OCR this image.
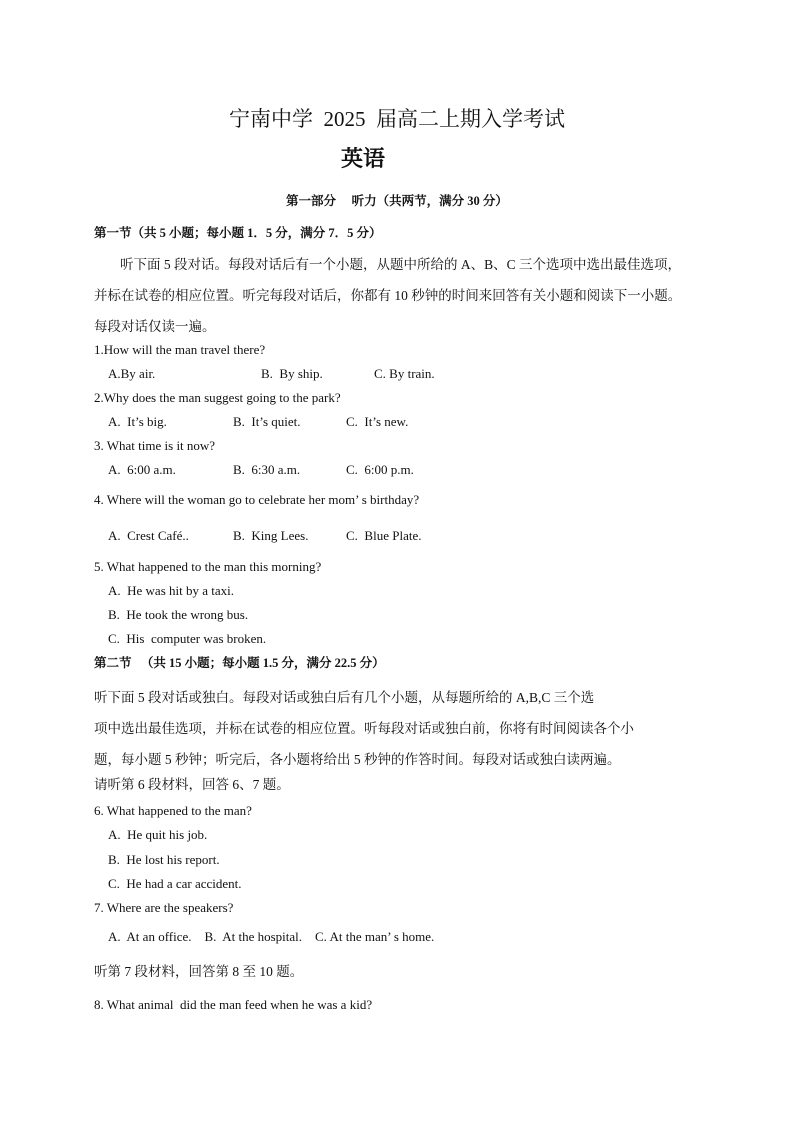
宁南中学  2025  届高二上期入学考试
英语
第一部分     听力（共两节，满分 30 分）
第一节（共 5 小题；每小题 1．5 分，满分 7．5 分）
听下面 5 段对话。每段对话后有一个小题，从题中所给的 A、B、C 三个选项中选出最佳选项，
并标在试卷的相应位置。听完每段对话后，你都有 10 秒钟的时间来回答有关小题和阅读下一小题。
每段对话仅读一遍。
1.How will the man travel there?
A.By air.	B.  By ship.	C. By train.
2.Why does the man suggest going to the park?
A.  It’s big.	B.  It’s quiet.	C.  It’s new.
3. What time is it now?
A.  6:00 a.m.	B.  6:30 a.m.	C.  6:00 p.m.
4. Where will the woman go to celebrate her mom’ s birthday?
A.  Crest Café..	B.  King Lees.	C.  Blue Plate.
5. What happened to the man this morning?
A.  He was hit by a taxi.
B.  He took the wrong bus.
C.  His  computer was broken.
第二节   （共 15 小题；每小题 1.5 分，满分 22.5 分）
听下面 5 段对话或独白。每段对话或独白后有几个小题，从每题所给的 A,B,C 三个选
项中选出最佳选项，并标在试卷的相应位置。听每段对话或独白前，你将有时间阅读各个小
题，每小题 5 秒钟；听完后，各小题将给出 5 秒钟的作答时间。每段对话或独白读两遍。
请听第 6 段材料，回答 6、7 题。
6. What happened to the man?
A.  He quit his job.
B.  He lost his report.
C.  He had a car accident.
7. Where are the speakers?
A.  At an office.    B.  At the hospital.    C. At the man’ s home.
听第 7 段材料，回答第 8 至 10 题。
8. What animal  did the man feed when he was a kid?
